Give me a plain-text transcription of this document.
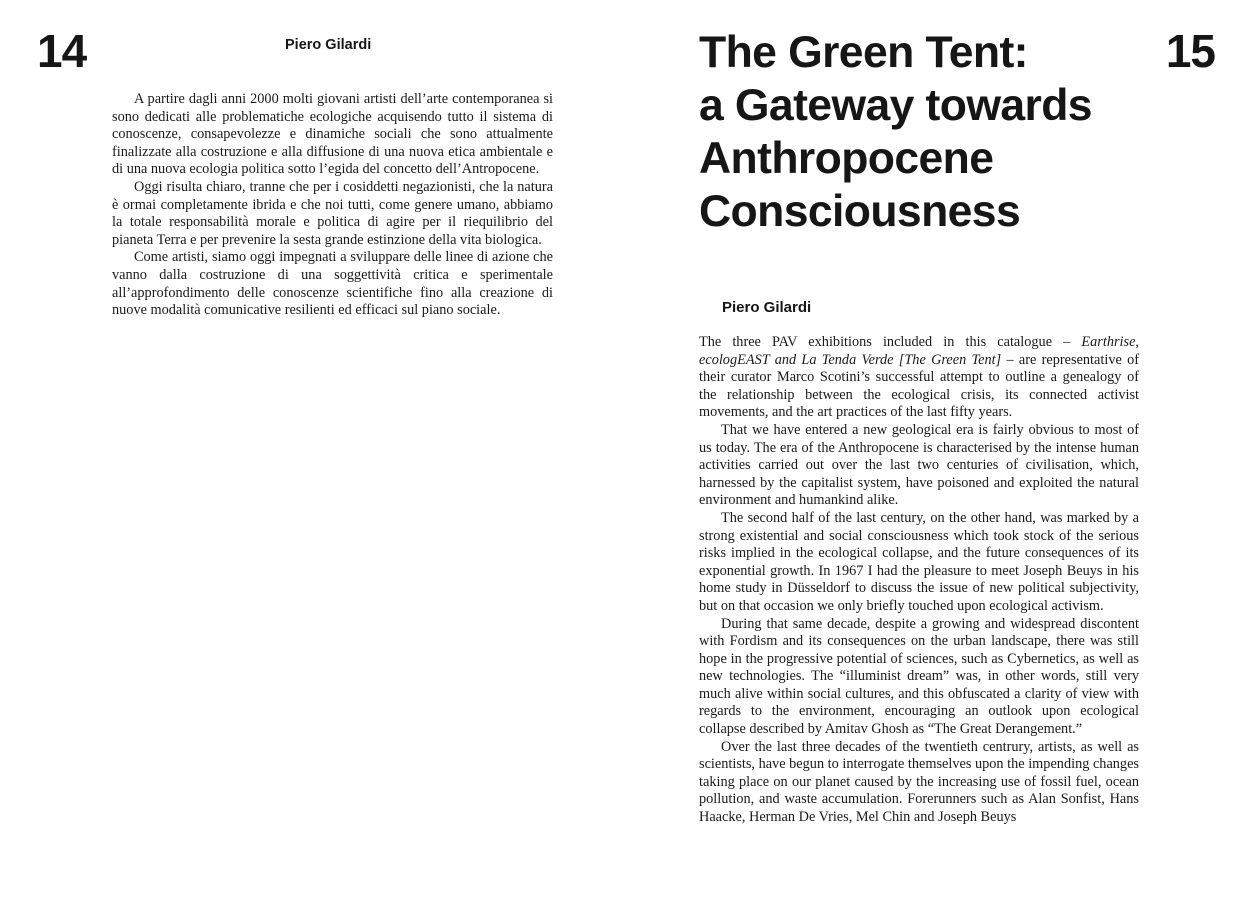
14	Piero Gilardi

A partire dagli anni 2000 molti giovani artisti dell’arte contemporanea si sono dedicati alle problematiche ecologiche acquisendo tutto il sistema di conoscenze, consapevolezze e dinamiche sociali che sono attualmente finalizzate alla costruzione e alla diffusione di una nuova etica ambientale e di una nuova ecologia politica sotto l’egida del concetto dell’Antropocene.

Oggi risulta chiaro, tranne che per i cosiddetti negazionisti, che la natura è ormai completamente ibrida e che noi tutti, come genere umano, abbiamo la totale responsabilità morale e politica di agire per il riequilibrio del pianeta Terra e per prevenire la sesta grande estinzione della vita biologica.

Come artisti, siamo oggi impegnati a sviluppare delle linee di azione che vanno dalla costruzione di una soggettività critica e sperimentale all’approfondimento delle conoscenze scientifiche fino alla creazione di nuove modalità comunicative resilienti ed efficaci sul piano sociale.

The Green Tent:
a Gateway towards
Anthropocene
Consciousness
15
Piero Gilardi

The three PAV exhibitions included in this catalogue – Earthrise, ecologEAST and La Tenda Verde [The Green Tent] – are representative of their curator Marco Scotini’s successful attempt to outline a genealogy of the relationship between the ecological crisis, its connected activist movements, and the art practices of the last fifty years.

That we have entered a new geological era is fairly obvious to most of us today. The era of the Anthropocene is characterised by the intense human activities carried out over the last two centuries of civilisation, which, harnessed by the capitalist system, have poisoned and exploited the natural environment and humankind alike.

The second half of the last century, on the other hand, was marked by a strong existential and social consciousness which took stock of the serious risks implied in the ecological collapse, and the future consequences of its exponential growth. In 1967 I had the pleasure to meet Joseph Beuys in his home study in Düsseldorf to discuss the issue of new political subjectivity, but on that occasion we only briefly touched upon ecological activism.

During that same decade, despite a growing and widespread discontent with Fordism and its consequences on the urban landscape, there was still hope in the progressive potential of sciences, such as Cybernetics, as well as new technologies. The “illuminist dream” was, in other words, still very much alive within social cultures, and this obfuscated a clarity of view with regards to the environment, encouraging an outlook upon ecological collapse described by Amitav Ghosh as “The Great Derangement.”

Over the last three decades of the twentieth centrury, artists, as well as scientists, have begun to interrogate themselves upon the impending changes taking place on our planet caused by the increasing use of fossil fuel, ocean pollution, and waste accumulation. Forerunners such as Alan Sonfist, Hans Haacke, Herman De Vries, Mel Chin and Joseph Beuys
